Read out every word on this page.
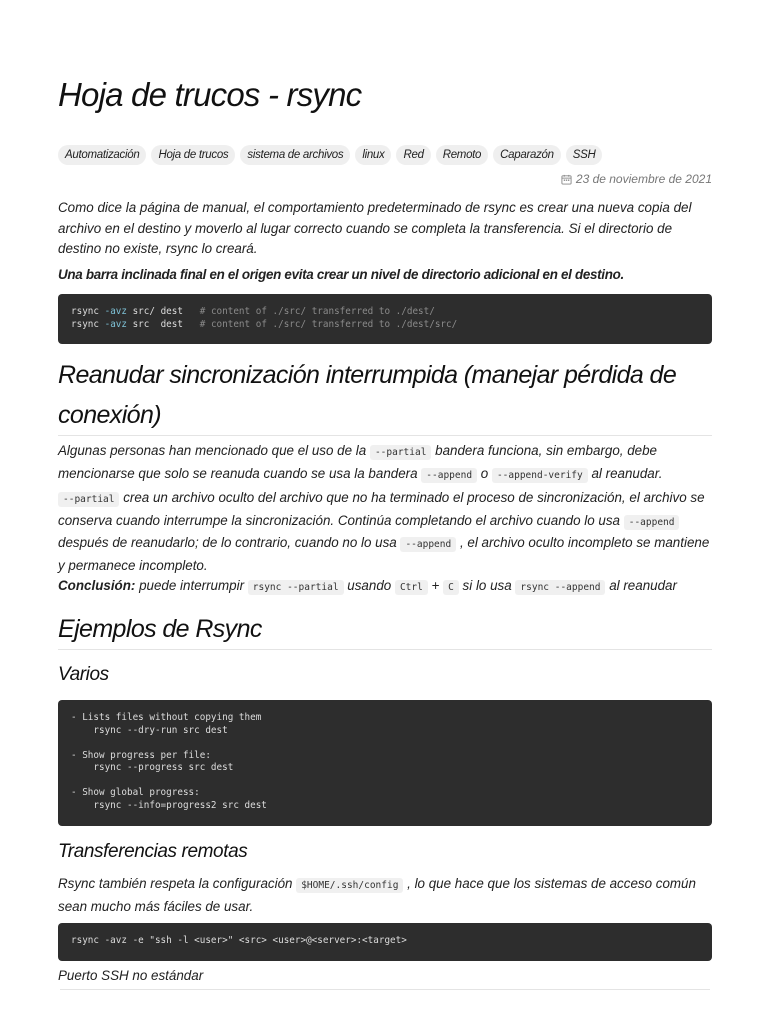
Hoja de trucos - rsync
Automatización	Hoja de trucos	sistema de archivos	linux	Red	Remoto	Caparazón	SSH
23 de noviembre de 2021

Como dice la página de manual, el comportamiento predeterminado de rsync es crear una nueva copia del archivo en el destino y moverlo al lugar correcto cuando se completa la transferencia. Si el directorio de destino no existe, rsync lo creará.

Una barra inclinada final en el origen evita crear un nivel de directorio adicional en el destino.

rsync -avz src/ dest   # content of ./src/ transferred to ./dest/
rsync -avz src  dest   # content of ./src/ transferred to ./dest/src/
Reanudar sincronización interrumpida (manejar pérdida de conexión)

Algunas personas han mencionado que el uso de la --partial bandera funciona, sin embargo, debe mencionarse que solo se reanuda cuando se usa la bandera --append o --append-verify al reanudar.

--partial crea un archivo oculto del archivo que no ha terminado el proceso de sincronización, el archivo se conserva cuando interrumpe la sincronización. Continúa completando el archivo cuando lo usa --append después de reanudarlo; de lo contrario, cuando no lo usa --append , el archivo oculto incompleto se mantiene y permanece incompleto.

Conclusión: puede interrumpir rsync --partial usando Ctrl + C si lo usa rsync --append al reanudar

Ejemplos de Rsync
Varios
- Lists files without copying them
rsync --dry-run src dest

- Show progress per file:
rsync --progress src dest

- Show global progress:
rsync --info=progress2 src dest
Transferencias remotas

Rsync también respeta la configuración $HOME/.ssh/config , lo que hace que los sistemas de acceso común sean mucho más fáciles de usar.

rsync -avz -e "ssh -l <user>" <src> <user>@<server>:<target>

Puerto SSH no estándar
